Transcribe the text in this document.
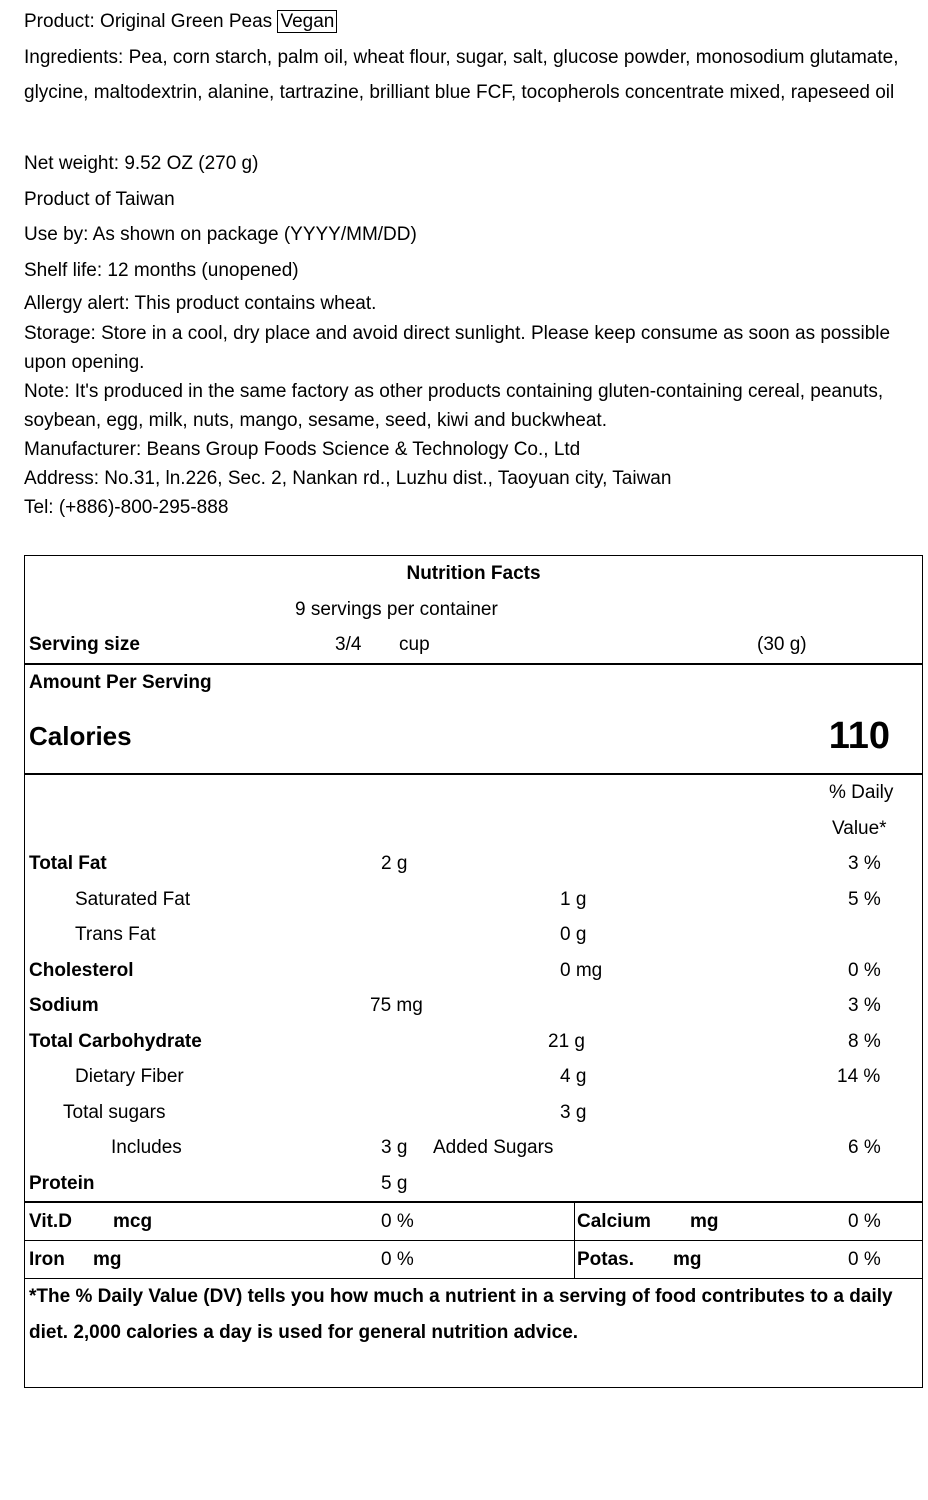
Product: Original Green Peas Vegan
Ingredients: Pea, corn starch, palm oil, wheat flour, sugar, salt, glucose powder, monosodium glutamate, glycine, maltodextrin, alanine, tartrazine, brilliant blue FCF, tocopherols concentrate mixed, rapeseed oil
Net weight: 9.52 OZ (270 g)
Product of Taiwan
Use by: As shown on package (YYYY/MM/DD)
Shelf life: 12 months (unopened)
Allergy alert: This product contains wheat.
Storage: Store in a cool, dry place and avoid direct sunlight. Please keep consume as soon as possible upon opening.
Note: It's produced in the same factory as other products containing gluten-containing cereal, peanuts, soybean, egg, milk, nuts, mango, sesame, seed, kiwi and buckwheat.
Manufacturer: Beans Group Foods Science & Technology Co., Ltd
Address: No.31, ln.226, Sec. 2, Nankan rd., Luzhu dist., Taoyuan city, Taiwan
Tel: (+886)-800-295-888
Nutrition Facts
9 servings per container
Serving size	3/4 cup	(30 g)
Amount Per Serving
Calories	110
% Daily
Value*
Total Fat	2 g	3 %
Saturated Fat	1 g	5 %
Trans Fat	0 g
Cholesterol	0 mg	0 %
Sodium	75 mg	3 %
Total Carbohydrate	21 g	8 %
Dietary Fiber	4 g	14 %
Total sugars	3 g
Includes	3 g Added Sugars	6 %
Protein	5 g
Vit.D mcg	0 %	Calcium mg	0 %
Iron mg	0 %	Potas. mg	0 %
*The % Daily Value (DV) tells you how much a nutrient in a serving of food contributes to a daily diet. 2,000 calories a day is used for general nutrition advice.
